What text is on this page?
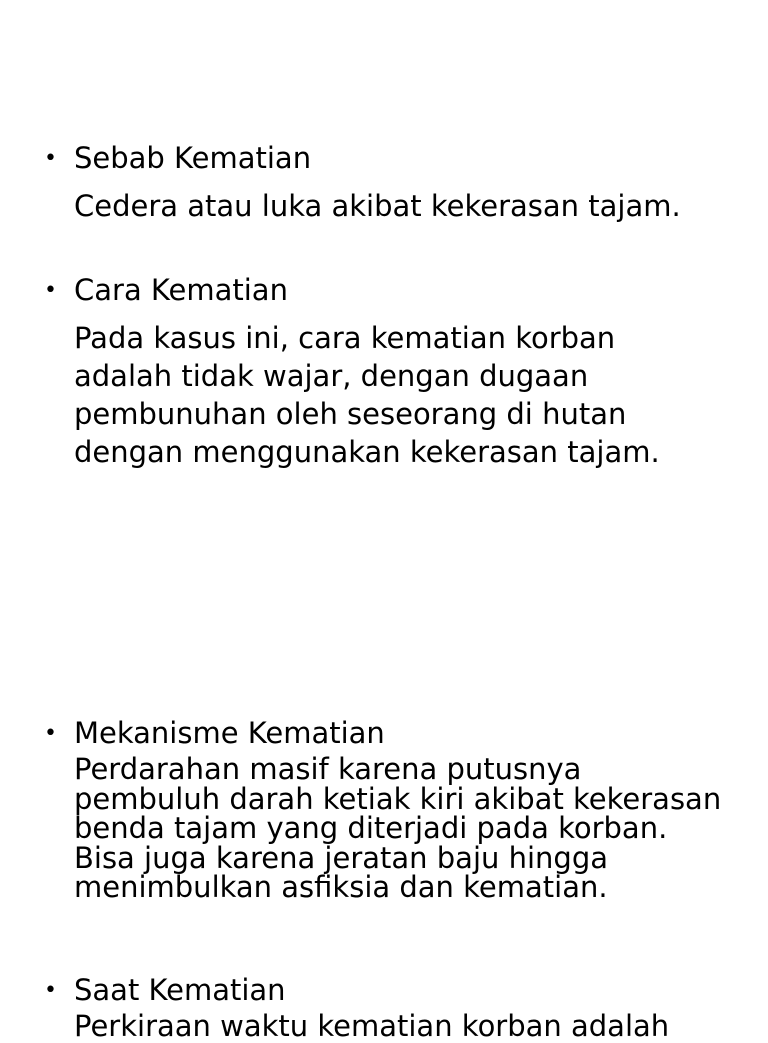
• Sebab Kematian
Cedera atau luka akibat kekerasan tajam.
• Cara Kematian
Pada kasus ini, cara kematian korban adalah tidak wajar, dengan dugaan pembunuhan oleh seseorang di hutan dengan menggunakan kekerasan tajam.
• Mekanisme Kematian
Perdarahan masif karena putusnya pembuluh darah ketiak kiri akibat kekerasan benda tajam yang diterjadi pada korban. Bisa juga karena jeratan baju hingga menimbulkan asfiksia dan kematian.
• Saat Kematian
Perkiraan waktu kematian korban adalah
